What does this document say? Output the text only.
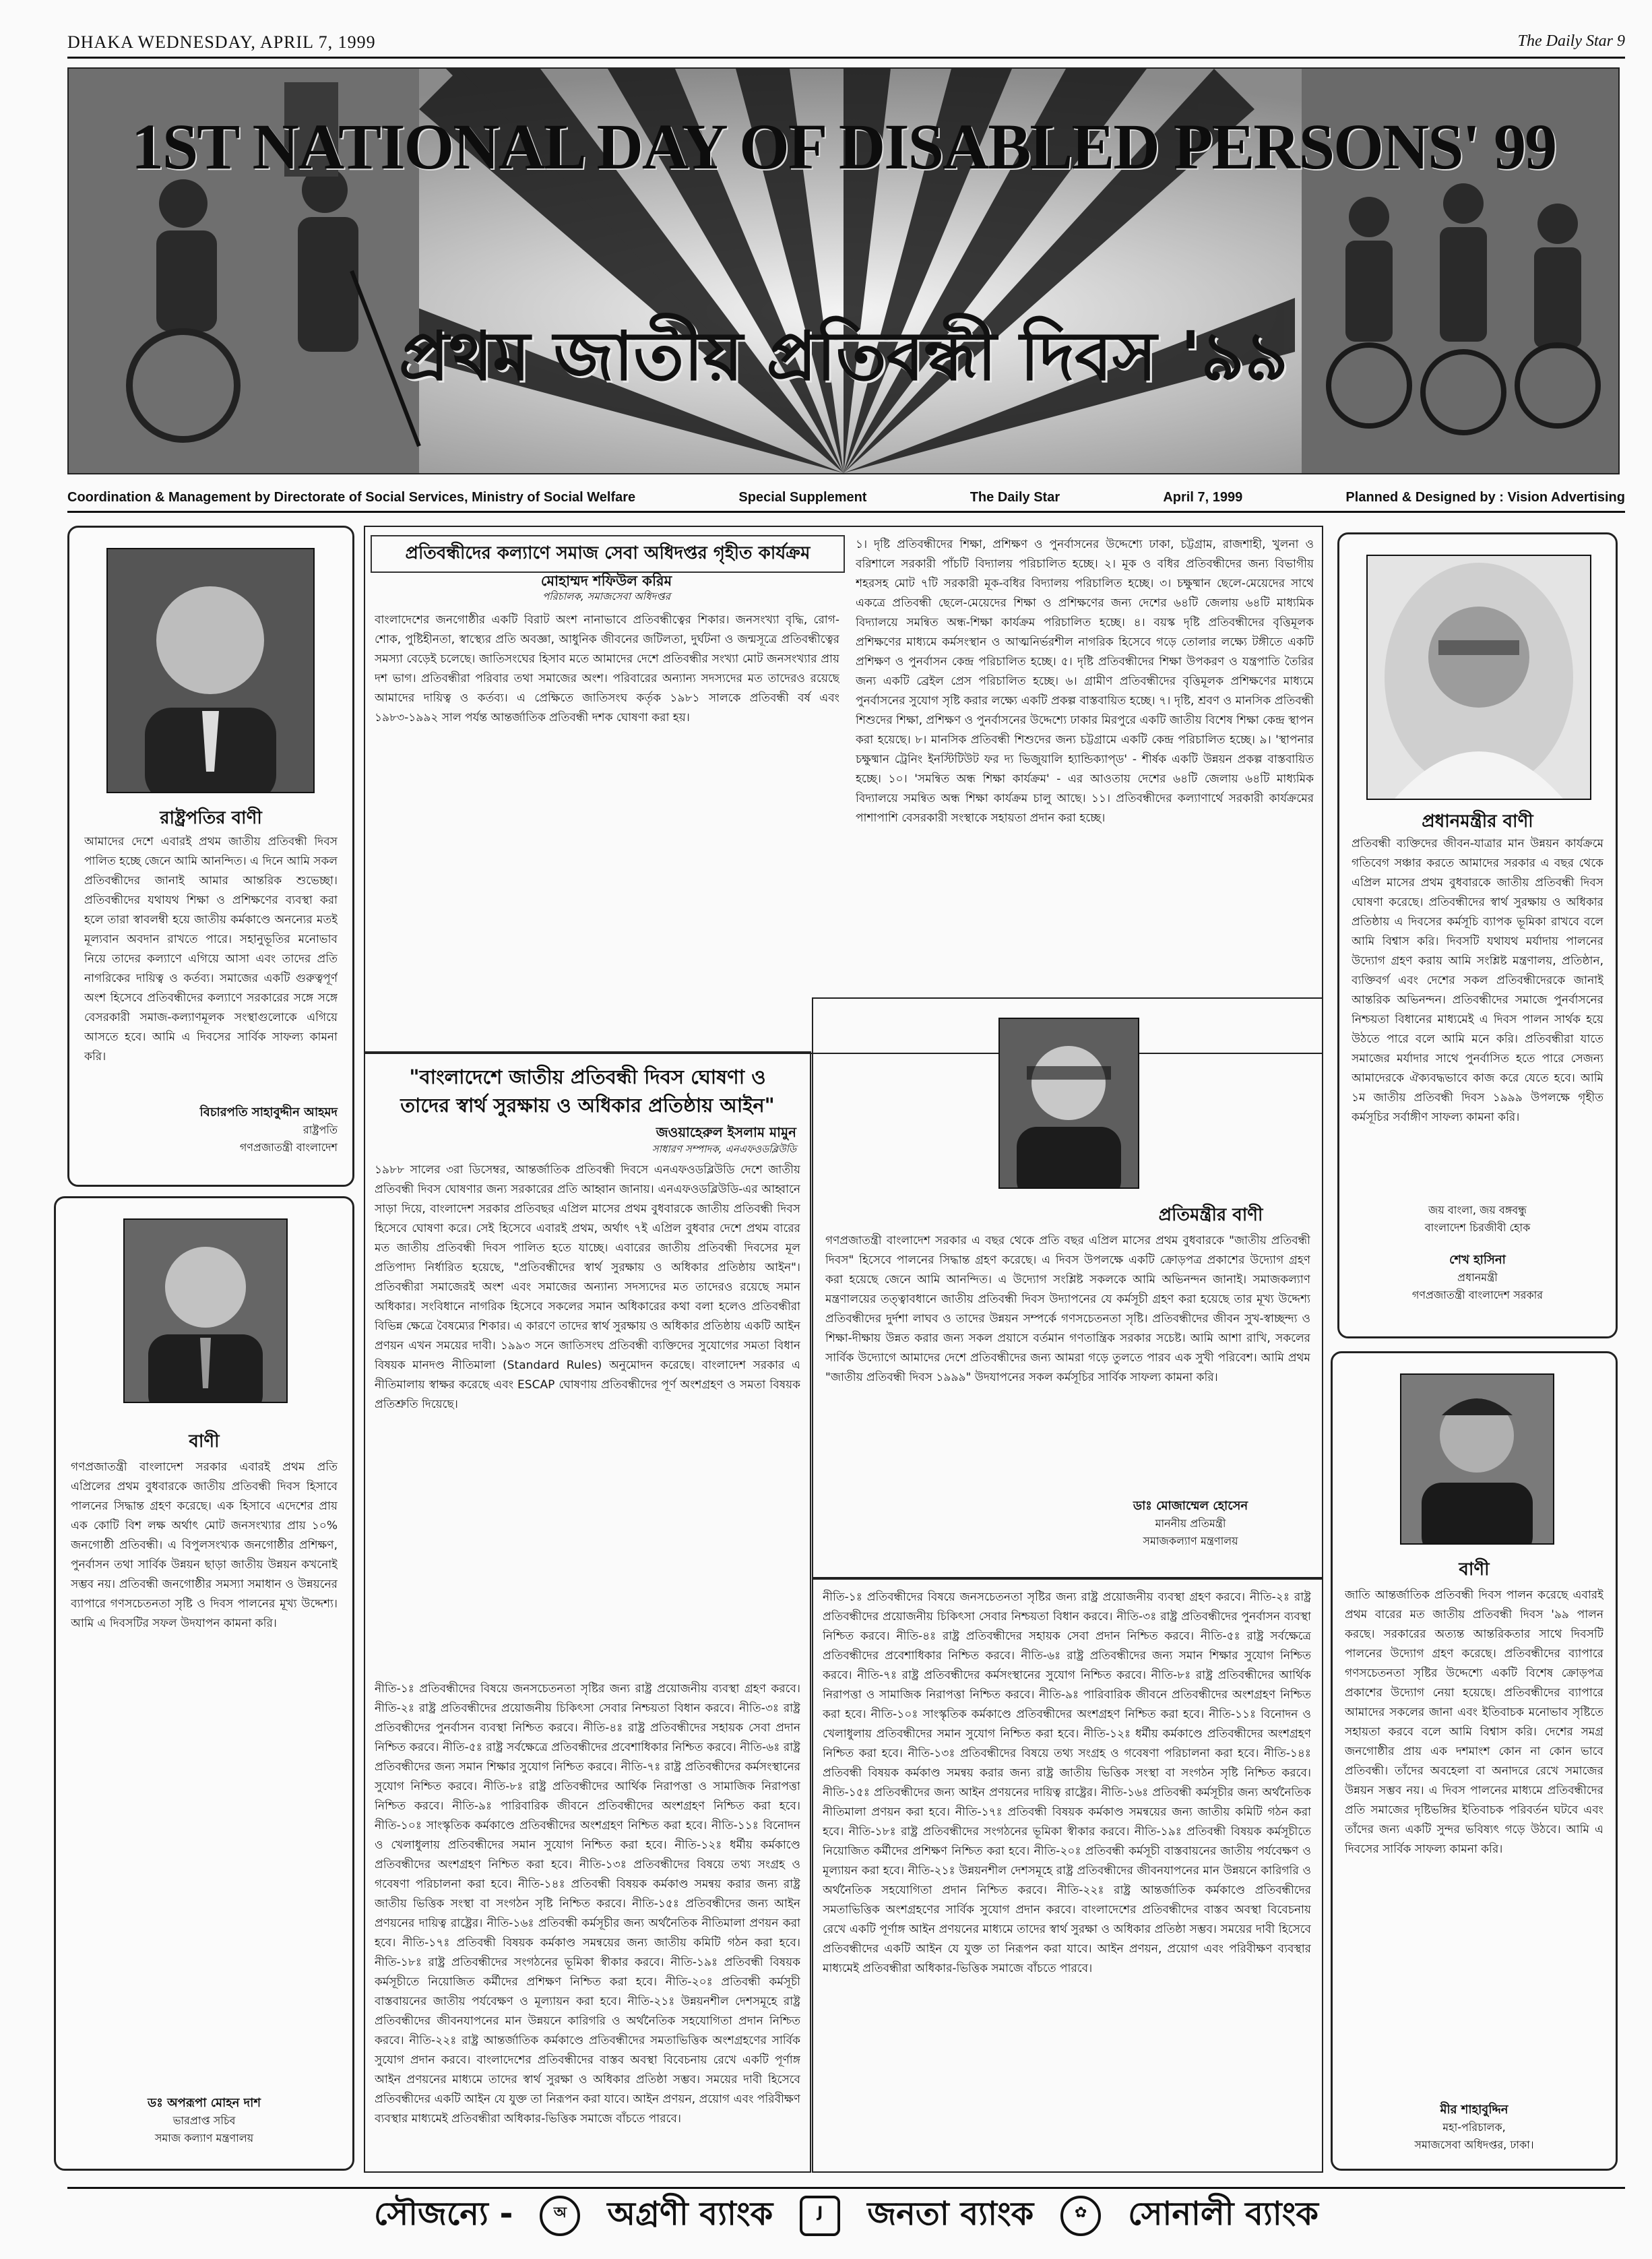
DHAKA WEDNESDAY, APRIL 7, 1999	The Daily Star 9
1ST NATIONAL DAY OF DISABLED PERSONS' 99
প্রথম জাতীয় প্রতিবন্ধী দিবস '৯৯
Coordination & Management by Directorate of Social Services, Ministry of Social Welfare	Special Supplement	The Daily Star	April 7, 1999	Planned & Designed by : Vision Advertising
রাষ্ট্রপতির বাণী
আমাদের দেশে এবারই প্রথম জাতীয় প্রতিবন্ধী দিবস পালিত হচ্ছে জেনে আমি আনন্দিত। এ দিনে আমি সকল প্রতিবন্ধীদের জানাই আমার আন্তরিক শুভেচ্ছা। প্রতিবন্ধীদের যথাযথ শিক্ষা ও প্রশিক্ষণের ব্যবস্থা করা হলে তারা স্বাবলম্বী হয়ে জাতীয় কর্মকাণ্ডে অনন্যের মতই মূল্যবান অবদান রাখতে পারে। সহানুভূতির মনোভাব নিয়ে তাদের কল্যাণে এগিয়ে আসা এবং তাদের প্রতি নাগরিকের দায়িত্ব ও কর্তব্য। সমাজের একটি গুরুত্বপূর্ণ অংশ হিসেবে প্রতিবন্ধীদের কল্যাণে সরকারের সঙ্গে সঙ্গে বেসরকারী সমাজ-কল্যাণমূলক সংস্থাগুলোকে এগিয়ে আসতে হবে। আমি এ দিবসের সার্বিক সাফল্য কামনা করি।
বিচারপতি সাহাবুদ্দীন আহমদ
রাষ্ট্রপতি
গণপ্রজাতন্ত্রী বাংলাদেশ
বাণী
গণপ্রজাতন্ত্রী বাংলাদেশ সরকার এবারই প্রথম প্রতি এপ্রিলের প্রথম বুধবারকে জাতীয় প্রতিবন্ধী দিবস হিসাবে পালনের সিদ্ধান্ত গ্রহণ করেছে। এক হিসাবে এদেশের প্রায় এক কোটি বিশ লক্ষ অর্থাৎ মোট জনসংখ্যার প্রায় ১০% জনগোষ্ঠী প্রতিবন্ধী। এ বিপুলসংখ্যক জনগোষ্ঠীর প্রশিক্ষণ, পুনর্বাসন তথা সার্বিক উন্নয়ন ছাড়া জাতীয় উন্নয়ন কখনোই সম্ভব নয়। প্রতিবন্ধী জনগোষ্ঠীর সমস্যা সমাধান ও উন্নয়নের ব্যাপারে গণসচেতনতা সৃষ্টি ও দিবস পালনের মূখ্য উদ্দেশ্য। আমি এ দিবসটির সফল উদযাপন কামনা করি।
ডঃ অপরূপা মোহন দাশ
ভারপ্রাপ্ত সচিব
সমাজ কল্যাণ মন্ত্রণালয়
প্রতিবন্ধীদের কল্যাণে সমাজ সেবা অধিদপ্তর গৃহীত কার্যক্রম
মোহাম্মদ শফিউল করিম
পরিচালক, সমাজসেবা অধিদপ্তর
বাংলাদেশের জনগোষ্ঠীর একটি বিরাট অংশ নানাভাবে প্রতিবন্ধীত্বের শিকার। জনসংখ্যা বৃদ্ধি, রোগ-শোক, পুষ্টিহীনতা, স্বাস্থ্যের প্রতি অবজ্ঞা, আধুনিক জীবনের জটিলতা, দুর্ঘটনা ও জন্মসূত্রে প্রতিবন্ধীত্বের সমস্যা বেড়েই চলেছে। জাতিসংঘের হিসাব মতে আমাদের দেশে প্রতিবন্ধীর সংখ্যা মোট জনসংখ্যার প্রায় দশ ভাগ। প্রতিবন্ধীরা পরিবার তথা সমাজের অংশ। পরিবারের অন্যান্য সদস্যদের মত তাদেরও রয়েছে আমাদের দায়িত্ব ও কর্তব্য। এ প্রেক্ষিতে জাতিসংঘ কর্তৃক ১৯৮১ সালকে প্রতিবন্ধী বর্ষ এবং ১৯৮৩-১৯৯২ সাল পর্যন্ত আন্তর্জাতিক প্রতিবন্ধী দশক ঘোষণা করা হয়।
১। দৃষ্টি প্রতিবন্ধীদের শিক্ষা, প্রশিক্ষণ ও পুনর্বাসনের উদ্দেশ্যে ঢাকা, চট্টগ্রাম, রাজশাহী, খুলনা ও বরিশালে সরকারী পাঁচটি বিদ্যালয় পরিচালিত হচ্ছে। ২। মূক ও বধির প্রতিবন্ধীদের জন্য বিভাগীয় শহরসহ মোট ৭টি সরকারী মূক-বধির বিদ্যালয় পরিচালিত হচ্ছে। ৩। চক্ষুষ্মান ছেলে-মেয়েদের সাথে একত্রে প্রতিবন্ধী ছেলে-মেয়েদের শিক্ষা ও প্রশিক্ষণের জন্য দেশের ৬৪টি জেলায় ৬৪টি মাধ্যমিক বিদ্যালয়ে সমন্বিত অন্ধ-শিক্ষা কার্যক্রম পরিচালিত হচ্ছে। ৪। বয়স্ক দৃষ্টি প্রতিবন্ধীদের বৃত্তিমূলক প্রশিক্ষণের মাধ্যমে কর্মসংস্থান ও আত্মনির্ভরশীল নাগরিক হিসেবে গড়ে তোলার লক্ষ্যে টঙ্গীতে একটি প্রশিক্ষণ ও পুনর্বাসন কেন্দ্র পরিচালিত হচ্ছে। ৫। দৃষ্টি প্রতিবন্ধীদের শিক্ষা উপকরণ ও যন্ত্রপাতি তৈরির জন্য একটি ব্রেইল প্রেস পরিচালিত হচ্ছে। ৬। গ্রামীণ প্রতিবন্ধীদের বৃত্তিমূলক প্রশিক্ষণের মাধ্যমে পুনর্বাসনের সুযোগ সৃষ্টি করার লক্ষ্যে একটি প্রকল্প বাস্তবায়িত হচ্ছে। ৭। দৃষ্টি, শ্রবণ ও মানসিক প্রতিবন্ধী শিশুদের শিক্ষা, প্রশিক্ষণ ও পুনর্বাসনের উদ্দেশ্যে ঢাকার মিরপুরে একটি জাতীয় বিশেষ শিক্ষা কেন্দ্র স্থাপন করা হয়েছে। ৮। মানসিক প্রতিবন্ধী শিশুদের জন্য চট্টগ্রামে একটি কেন্দ্র পরিচালিত হচ্ছে। ৯। 'স্থাপনার চক্ষুষ্মান ট্রেনিং ইনস্টিটিউট ফর দ্য ভিজুয়ালি হ্যান্ডিক্যাপ্ড' - শীর্ষক একটি উন্নয়ন প্রকল্প বাস্তবায়িত হচ্ছে। ১০। 'সমন্বিত অন্ধ শিক্ষা কার্যক্রম' - এর আওতায় দেশের ৬৪টি জেলায় ৬৪টি মাধ্যমিক বিদ্যালয়ে সমন্বিত অন্ধ শিক্ষা কার্যক্রম চালু আছে। ১১। প্রতিবন্ধীদের কল্যাণার্থে সরকারী কার্যক্রমের পাশাপাশি বেসরকারী সংস্থাকে সহায়তা প্রদান করা হচ্ছে।
"বাংলাদেশে জাতীয় প্রতিবন্ধী দিবস ঘোষণা ও
তাদের স্বার্থ সুরক্ষায় ও অধিকার প্রতিষ্ঠায় আইন"
জওয়াহেরুল ইসলাম মামুন
সাধারণ সম্পাদক, এনএফওডব্লিউডি
১৯৮৮ সালের ৩রা ডিসেম্বর, আন্তর্জাতিক প্রতিবন্ধী দিবসে এনএফওডব্লিউডি দেশে জাতীয় প্রতিবন্ধী দিবস ঘোষণার জন্য সরকারের প্রতি আহ্বান জানায়। এনএফওডব্লিউডি-এর আহ্বানে সাড়া দিয়ে, বাংলাদেশ সরকার প্রতিবছর এপ্রিল মাসের প্রথম বুধবারকে জাতীয় প্রতিবন্ধী দিবস হিসেবে ঘোষণা করে। সেই হিসেবে এবারই প্রথম, অর্থাৎ ৭ই এপ্রিল বুধবার দেশে প্রথম বারের মত জাতীয় প্রতিবন্ধী দিবস পালিত হতে যাচ্ছে। এবারের জাতীয় প্রতিবন্ধী দিবসের মূল প্রতিপাদ্য নির্ধারিত হয়েছে, "প্রতিবন্ধীদের স্বার্থ সুরক্ষায় ও অধিকার প্রতিষ্ঠায় আইন"। প্রতিবন্ধীরা সমাজেরই অংশ এবং সমাজের অন্যান্য সদস্যদের মত তাদেরও রয়েছে সমান অধিকার। সংবিধানে নাগরিক হিসেবে সকলের সমান অধিকারের কথা বলা হলেও প্রতিবন্ধীরা বিভিন্ন ক্ষেত্রে বৈষম্যের শিকার। এ কারণে তাদের স্বার্থ সুরক্ষায় ও অধিকার প্রতিষ্ঠায় একটি আইন প্রণয়ন এখন সময়ের দাবী। ১৯৯৩ সনে জাতিসংঘ প্রতিবন্ধী ব্যক্তিদের সুযোগের সমতা বিধান বিষয়ক মানদণ্ড নীতিমালা (Standard Rules) অনুমোদন করেছে। বাংলাদেশ সরকার এ নীতিমালায় স্বাক্ষর করেছে এবং ESCAP ঘোষণায় প্রতিবন্ধীদের পূর্ণ অংশগ্রহণ ও সমতা বিষয়ক প্রতিশ্রুতি দিয়েছে।
নীতি-১ঃ প্রতিবন্ধীদের বিষয়ে জনসচেতনতা সৃষ্টির জন্য রাষ্ট্র প্রয়োজনীয় ব্যবস্থা গ্রহণ করবে। নীতি-২ঃ রাষ্ট্র প্রতিবন্ধীদের প্রয়োজনীয় চিকিৎসা সেবার নিশ্চয়তা বিধান করবে। নীতি-৩ঃ রাষ্ট্র প্রতিবন্ধীদের পুনর্বাসন ব্যবস্থা নিশ্চিত করবে। নীতি-৪ঃ রাষ্ট্র প্রতিবন্ধীদের সহায়ক সেবা প্রদান নিশ্চিত করবে। নীতি-৫ঃ রাষ্ট্র সর্বক্ষেত্রে প্রতিবন্ধীদের প্রবেশাধিকার নিশ্চিত করবে। নীতি-৬ঃ রাষ্ট্র প্রতিবন্ধীদের জন্য সমান শিক্ষার সুযোগ নিশ্চিত করবে। নীতি-৭ঃ রাষ্ট্র প্রতিবন্ধীদের কর্মসংস্থানের সুযোগ নিশ্চিত করবে। নীতি-৮ঃ রাষ্ট্র প্রতিবন্ধীদের আর্থিক নিরাপত্তা ও সামাজিক নিরাপত্তা নিশ্চিত করবে। নীতি-৯ঃ পারিবারিক জীবনে প্রতিবন্ধীদের অংশগ্রহণ নিশ্চিত করা হবে। নীতি-১০ঃ সাংস্কৃতিক কর্মকাণ্ডে প্রতিবন্ধীদের অংশগ্রহণ নিশ্চিত করা হবে। নীতি-১১ঃ বিনোদন ও খেলাধুলায় প্রতিবন্ধীদের সমান সুযোগ নিশ্চিত করা হবে। নীতি-১২ঃ ধর্মীয় কর্মকাণ্ডে প্রতিবন্ধীদের অংশগ্রহণ নিশ্চিত করা হবে। নীতি-১৩ঃ প্রতিবন্ধীদের বিষয়ে তথ্য সংগ্রহ ও গবেষণা পরিচালনা করা হবে। নীতি-১৪ঃ প্রতিবন্ধী বিষয়ক কর্মকাণ্ড সমন্বয় করার জন্য রাষ্ট্র জাতীয় ভিত্তিক সংস্থা বা সংগঠন সৃষ্টি নিশ্চিত করবে। নীতি-১৫ঃ প্রতিবন্ধীদের জন্য আইন প্রণয়নের দায়িত্ব রাষ্ট্রের। নীতি-১৬ঃ প্রতিবন্ধী কর্মসূচীর জন্য অর্থনৈতিক নীতিমালা প্রণয়ন করা হবে। নীতি-১৭ঃ প্রতিবন্ধী বিষয়ক কর্মকাণ্ড সমন্বয়ের জন্য জাতীয় কমিটি গঠন করা হবে। নীতি-১৮ঃ রাষ্ট্র প্রতিবন্ধীদের সংগঠনের ভূমিকা স্বীকার করবে। নীতি-১৯ঃ প্রতিবন্ধী বিষয়ক কর্মসূচীতে নিয়োজিত কর্মীদের প্রশিক্ষণ নিশ্চিত করা হবে। নীতি-২০ঃ প্রতিবন্ধী কর্মসূচী বাস্তবায়নের জাতীয় পর্যবেক্ষণ ও মূল্যায়ন করা হবে। নীতি-২১ঃ উন্নয়নশীল দেশসমূহে রাষ্ট্র প্রতিবন্ধীদের জীবনযাপনের মান উন্নয়নে কারিগরি ও অর্থনৈতিক সহযোগিতা প্রদান নিশ্চিত করবে। নীতি-২২ঃ রাষ্ট্র আন্তর্জাতিক কর্মকাণ্ডে প্রতিবন্ধীদের সমতাভিত্তিক অংশগ্রহণের সার্বিক সুযোগ প্রদান করবে। বাংলাদেশের প্রতিবন্ধীদের বাস্তব অবস্থা বিবেচনায় রেখে একটি পূর্ণাঙ্গ আইন প্রণয়নের মাধ্যমে তাদের স্বার্থ সুরক্ষা ও অধিকার প্রতিষ্ঠা সম্ভব। সময়ের দাবী হিসেবে প্রতিবন্ধীদের একটি আইন যে যুক্ত তা নিরূপন করা যাবে। আইন প্রণয়ন, প্রয়োগ এবং পরিবীক্ষণ ব্যবস্থার মাধ্যমেই প্রতিবন্ধীরা অধিকার-ভিত্তিক সমাজে বাঁচতে পারবে।
প্রতিমন্ত্রীর বাণী
গণপ্রজাতন্ত্রী বাংলাদেশ সরকার এ বছর থেকে প্রতি বছর এপ্রিল মাসের প্রথম বুধবারকে "জাতীয় প্রতিবন্ধী দিবস" হিসেবে পালনের সিদ্ধান্ত গ্রহণ করেছে। এ দিবস উপলক্ষে একটি ক্রোড়পত্র প্রকাশের উদ্যোগ গ্রহণ করা হয়েছে জেনে আমি আনন্দিত। এ উদ্যোগ সংশ্লিষ্ট সকলকে আমি অভিনন্দন জানাই। সমাজকল্যাণ মন্ত্রণালয়ের তত্ত্বাবধানে জাতীয় প্রতিবন্ধী দিবস উদ্যাপনের যে কর্মসূচী গ্রহণ করা হয়েছে তার মূখ্য উদ্দেশ্য প্রতিবন্ধীদের দুর্দশা লাঘব ও তাদের উন্নয়ন সম্পর্কে গণসচেতনতা সৃষ্টি। প্রতিবন্ধীদের জীবন সুখ-স্বাচ্ছন্দ্য ও শিক্ষা-দীক্ষায় উন্নত করার জন্য সকল প্রয়াসে বর্তমান গণতান্ত্রিক সরকার সচেষ্ট। আমি আশা রাখি, সকলের সার্বিক উদ্যোগে আমাদের দেশে প্রতিবন্ধীদের জন্য আমরা গড়ে তুলতে পারব এক সুখী পরিবেশ। আমি প্রথম "জাতীয় প্রতিবন্ধী দিবস ১৯৯৯" উদযাপনের সকল কর্মসূচির সার্বিক সাফল্য কামনা করি।
ডাঃ মোজাম্মেল হোসেন
মাননীয় প্রতিমন্ত্রী
সমাজকল্যাণ মন্ত্রণালয়
নীতি-১ঃ প্রতিবন্ধীদের বিষয়ে জনসচেতনতা সৃষ্টির জন্য রাষ্ট্র প্রয়োজনীয় ব্যবস্থা গ্রহণ করবে। নীতি-২ঃ রাষ্ট্র প্রতিবন্ধীদের প্রয়োজনীয় চিকিৎসা সেবার নিশ্চয়তা বিধান করবে। নীতি-৩ঃ রাষ্ট্র প্রতিবন্ধীদের পুনর্বাসন ব্যবস্থা নিশ্চিত করবে। নীতি-৪ঃ রাষ্ট্র প্রতিবন্ধীদের সহায়ক সেবা প্রদান নিশ্চিত করবে। নীতি-৫ঃ রাষ্ট্র সর্বক্ষেত্রে প্রতিবন্ধীদের প্রবেশাধিকার নিশ্চিত করবে। নীতি-৬ঃ রাষ্ট্র প্রতিবন্ধীদের জন্য সমান শিক্ষার সুযোগ নিশ্চিত করবে। নীতি-৭ঃ রাষ্ট্র প্রতিবন্ধীদের কর্মসংস্থানের সুযোগ নিশ্চিত করবে। নীতি-৮ঃ রাষ্ট্র প্রতিবন্ধীদের আর্থিক নিরাপত্তা ও সামাজিক নিরাপত্তা নিশ্চিত করবে। নীতি-৯ঃ পারিবারিক জীবনে প্রতিবন্ধীদের অংশগ্রহণ নিশ্চিত করা হবে। নীতি-১০ঃ সাংস্কৃতিক কর্মকাণ্ডে প্রতিবন্ধীদের অংশগ্রহণ নিশ্চিত করা হবে। নীতি-১১ঃ বিনোদন ও খেলাধুলায় প্রতিবন্ধীদের সমান সুযোগ নিশ্চিত করা হবে। নীতি-১২ঃ ধর্মীয় কর্মকাণ্ডে প্রতিবন্ধীদের অংশগ্রহণ নিশ্চিত করা হবে। নীতি-১৩ঃ প্রতিবন্ধীদের বিষয়ে তথ্য সংগ্রহ ও গবেষণা পরিচালনা করা হবে। নীতি-১৪ঃ প্রতিবন্ধী বিষয়ক কর্মকাণ্ড সমন্বয় করার জন্য রাষ্ট্র জাতীয় ভিত্তিক সংস্থা বা সংগঠন সৃষ্টি নিশ্চিত করবে। নীতি-১৫ঃ প্রতিবন্ধীদের জন্য আইন প্রণয়নের দায়িত্ব রাষ্ট্রের। নীতি-১৬ঃ প্রতিবন্ধী কর্মসূচীর জন্য অর্থনৈতিক নীতিমালা প্রণয়ন করা হবে। নীতি-১৭ঃ প্রতিবন্ধী বিষয়ক কর্মকাণ্ড সমন্বয়ের জন্য জাতীয় কমিটি গঠন করা হবে। নীতি-১৮ঃ রাষ্ট্র প্রতিবন্ধীদের সংগঠনের ভূমিকা স্বীকার করবে। নীতি-১৯ঃ প্রতিবন্ধী বিষয়ক কর্মসূচীতে নিয়োজিত কর্মীদের প্রশিক্ষণ নিশ্চিত করা হবে। নীতি-২০ঃ প্রতিবন্ধী কর্মসূচী বাস্তবায়নের জাতীয় পর্যবেক্ষণ ও মূল্যায়ন করা হবে। নীতি-২১ঃ উন্নয়নশীল দেশসমূহে রাষ্ট্র প্রতিবন্ধীদের জীবনযাপনের মান উন্নয়নে কারিগরি ও অর্থনৈতিক সহযোগিতা প্রদান নিশ্চিত করবে। নীতি-২২ঃ রাষ্ট্র আন্তর্জাতিক কর্মকাণ্ডে প্রতিবন্ধীদের সমতাভিত্তিক অংশগ্রহণের সার্বিক সুযোগ প্রদান করবে। বাংলাদেশের প্রতিবন্ধীদের বাস্তব অবস্থা বিবেচনায় রেখে একটি পূর্ণাঙ্গ আইন প্রণয়নের মাধ্যমে তাদের স্বার্থ সুরক্ষা ও অধিকার প্রতিষ্ঠা সম্ভব। সময়ের দাবী হিসেবে প্রতিবন্ধীদের একটি আইন যে যুক্ত তা নিরূপন করা যাবে। আইন প্রণয়ন, প্রয়োগ এবং পরিবীক্ষণ ব্যবস্থার মাধ্যমেই প্রতিবন্ধীরা অধিকার-ভিত্তিক সমাজে বাঁচতে পারবে।
প্রধানমন্ত্রীর বাণী
প্রতিবন্ধী ব্যক্তিদের জীবন-যাত্রার মান উন্নয়ন কার্যক্রমে গতিবেগ সঞ্চার করতে আমাদের সরকার এ বছর থেকে এপ্রিল মাসের প্রথম বুধবারকে জাতীয় প্রতিবন্ধী দিবস ঘোষণা করেছে। প্রতিবন্ধীদের স্বার্থ সুরক্ষায় ও অধিকার প্রতিষ্ঠায় এ দিবসের কর্মসূচি ব্যাপক ভূমিকা রাখবে বলে আমি বিশ্বাস করি। দিবসটি যথাযথ মর্যাদায় পালনের উদ্যোগ গ্রহণ করায় আমি সংশ্লিষ্ট মন্ত্রণালয়, প্রতিষ্ঠান, ব্যক্তিবর্গ এবং দেশের সকল প্রতিবন্ধীদেরকে জানাই আন্তরিক অভিনন্দন। প্রতিবন্ধীদের সমাজে পুনর্বাসনের নিশ্চয়তা বিধানের মাধ্যমেই এ দিবস পালন সার্থক হয়ে উঠতে পারে বলে আমি মনে করি। প্রতিবন্ধীরা যাতে সমাজের মর্যাদার সাথে পুনর্বাসিত হতে পারে সেজন্য আমাদেরকে ঐক্যবদ্ধভাবে কাজ করে যেতে হবে। আমি ১ম জাতীয় প্রতিবন্ধী দিবস ১৯৯৯ উপলক্ষে গৃহীত কর্মসূচির সর্বাঙ্গীণ সাফল্য কামনা করি।
জয় বাংলা, জয় বঙ্গবন্ধু
বাংলাদেশ চিরজীবী হোক
শেখ হাসিনা
প্রধানমন্ত্রী
গণপ্রজাতন্ত্রী বাংলাদেশ সরকার
বাণী
জাতি আন্তর্জাতিক প্রতিবন্ধী দিবস পালন করেছে এবারই প্রথম বারের মত জাতীয় প্রতিবন্ধী দিবস '৯৯ পালন করছে। সরকারের অত্যন্ত আন্তরিকতার সাথে দিবসটি পালনের উদ্যোগ গ্রহণ করেছে। প্রতিবন্ধীদের ব্যাপারে গণসচেতনতা সৃষ্টির উদ্দেশ্যে একটি বিশেষ ক্রোড়পত্র প্রকাশের উদ্যোগ নেয়া হয়েছে। প্রতিবন্ধীদের ব্যাপারে আমাদের সকলের জানা এবং ইতিবাচক মনোভাব সৃষ্টিতে সহায়তা করবে বলে আমি বিশ্বাস করি। দেশের সমগ্র জনগোষ্ঠীর প্রায় এক দশমাংশ কোন না কোন ভাবে প্রতিবন্ধী। তাঁদের অবহেলা বা অনাদরে রেখে সমাজের উন্নয়ন সম্ভব নয়। এ দিবস পালনের মাধ্যমে প্রতিবন্ধীদের প্রতি সমাজের দৃষ্টিভঙ্গির ইতিবাচক পরিবর্তন ঘটবে এবং তাঁদের জন্য একটি সুন্দর ভবিষ্যৎ গড়ে উঠবে। আমি এ দিবসের সার্বিক সাফল্য কামনা করি।
মীর শাহাবুদ্দিন
মহা-পরিচালক,
সমাজসেবা অধিদপ্তর, ঢাকা।
সৌজন্যে -	অ	অগ্রণী ব্যাংক	J	জনতা ব্যাংক	✿	সোনালী ব্যাংক
